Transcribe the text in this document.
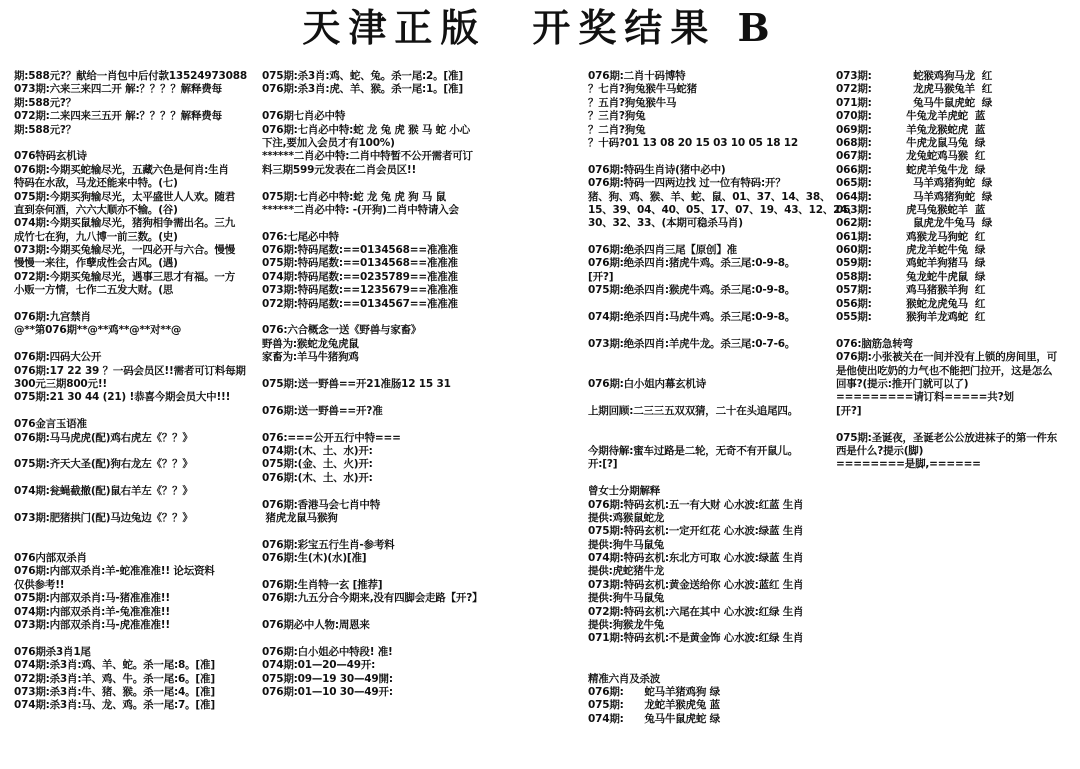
天津正版　开奖结果 B
期:588元?？献给一肖包中后付款13524973088
073期:六来三来四二开 解:？？？？解释费每
期:588元?？
072期:二来四来三五开 解:？？？？解释费每
期:588元?？
076特码玄机诗
076期:今期买蛇输尽光，五藏六色是何肖:生肖
特码在水敌，马龙还能来中特。(七)
075期:今期买狗输尽光，太平盛世人人欢。随君
直到奈何酒，六六大顺亦不输。(谷)
074期:今期买鼠输尽光，猪狗相争需出名。三九
成竹七在狗，九八博一前三数。(史)
073期:今期买兔输尽光，一四必开与六合。慢慢
慢慢一来往，作孽成性会古风。(遇)
072期:今期买兔输尽光，遇事三思才有福。一方
小贩一方情，七作二五发大财。(思
076期:九宫禁肖
@**第076期**@**鸡**@**对**@
076期:四码大公开
076期:17 22 39 ？一码会员区!!需者可订料每期
300元三期800元!!
075期:21 30 44 (21) !恭喜今期会员大中!!!
076金言玉语准
076期:马马虎虎(配)鸡右虎左《？？》
075期:齐天大圣(配)狗右龙左《？？》
074期:瓮蝇截撤(配)鼠右羊左《？？》
073期:肥猪拱门(配)马边兔边《？？》
076内部双杀肖
076期:内部双杀肖:羊-蛇准准准!! 论坛资料
仅供参考!!
075期:内部双杀肖:马-猪准准准!!
074期:内部双杀肖:羊-兔准准准!!
073期:内部双杀肖:马-虎准准准!!
076期杀3肖1尾
074期:杀3肖:鸡、羊、蛇。杀一尾:8。[准]
072期:杀3肖:羊、鸡、牛。杀一尾:6。[准]
073期:杀3肖:牛、猪、猴。杀一尾:4。[准]
074期:杀3肖:马、龙、鸡。杀一尾:7。[准]
075期:杀3肖:鸡、蛇、兔。杀一尾:2。[准]
076期:杀3肖:虎、羊、猴。杀一尾:1。[准]
076期七肖必中特
076期:七肖必中特:蛇 龙 兔 虎 猴 马 蛇 小心
下注,要加入会员才有100%)
******二肖必中特:二肖中特暂不公开需者可订
料三期599元发表在二肖会员区!!
075期:七肖必中特:蛇 龙 兔 虎 狗 马 鼠
******二肖必中特: -(开狗)二肖中特请入会
076:七尾必中特
076期:特码尾数:==0134568==准准准
075期:特码尾数:==0134568==准准准
074期:特码尾数:==0235789==准准准
073期:特码尾数:==1235679==准准准
072期:特码尾数:==0134567==准准准
076:六合概念一送《野兽与家畜》
野兽为:猴蛇龙兔虎鼠
家畜为:羊马牛猪狗鸡
075期:送一野兽==开21准肠12 15 31
076期:送一野兽==开?准
076:===公开五行中特===
074期:(木、土、水)开:
075期:(金、土、火)开:
076期:(木、土、水)开:
076期:香港马会七肖中特
猪虎龙鼠马猴狗
076期:彩宝五行生肖-参考料
076期:生(木)(水)[准]
076期:生肖特一玄 [推荐]
076期:九五分合今期来,没有四脚会走路【开?】
076期必中人物:周恩来
076期:白小姐必中特段! 准!
074期:01—20—49开:
075期:09—19 30—49開:
076期:01—10 30—49开:
076期:二肖十码博特
？七肖?狗兔猴牛马蛇猪
？五肖?狗兔猴牛马
？三肖?狗兔
？二肖?狗兔
？十码?01 13 08 20 15 03 10 05 18 12
076期:特码生肖诗(猪中必中)
076期:特码一四两边找 过一位有特码:开？
猪、狗、鸡、猴、羊、蛇、鼠、01、37、14、38、
15、39、04、40、05、17、07、19、43、12、24、
30、32、33、(本期可稳杀马肖)
076期:绝杀四肖三尾【原创】准
076期:绝杀四肖:猪虎牛鸡。杀三尾:0-9-8。
[开?]
075期:绝杀四肖:猴虎牛鸡。杀三尾:0-9-8。
074期:绝杀四肖:马虎牛鸡。杀三尾:0-9-8。
073期:绝杀四肖:羊虎牛龙。杀三尾:0-7-6。
076期:白小姐内幕玄机诗
上期回顾:二三三五双双猜，二十在头追尾四。
今期待解:蜜车过路是二轮，无奇不有开鼠儿。
开:[?]
曾女士分期解释
076期:特码玄机:五一有大财 心水波:红蓝 生肖
提供:鸡猴鼠蛇龙
075期:特码玄机:一定开红花 心水波:绿蓝 生肖
提供:狗牛马鼠兔
074期:特码玄机:东北方可取 心水波:绿蓝 生肖
提供:虎蛇猪牛龙
073期:特码玄机:黄金送给你 心水波:蓝红 生肖
提供:狗牛马鼠兔
072期:特码玄机:六尾在其中 心水波:红绿 生肖
提供:狗猴龙牛兔
071期:特码玄机:不是黄金饰 心水波:红绿 生肖
精准六肖及杀波
076期:      蛇马羊猪鸡狗 绿
075期:      龙蛇羊猴虎兔 蓝
074期:      兔马牛鼠虎蛇 绿
073期:            蛇猴鸡狗马龙  红
072期:            龙虎马猴兔羊  红
071期:            兔马牛鼠虎蛇  绿
070期:          牛兔龙羊虎蛇  蓝
069期:          羊兔龙猴蛇虎  蓝
068期:          牛虎龙鼠马兔  绿
067期:          龙兔蛇鸡马猴  红
066期:          蛇虎羊兔牛龙  绿
065期:            马羊鸡猪狗蛇  绿
064期:            马羊鸡猪狗蛇  绿
063期:          虎马兔猴蛇羊  蓝
062期:            鼠虎龙牛兔马  绿
061期:          鸡猴龙马狗蛇  红
060期:          虎龙羊蛇牛兔  绿
059期:          鸡蛇羊狗猪马  绿
058期:          兔龙蛇牛虎鼠  绿
057期:          鸡马猪猴羊狗  红
056期:          猴蛇龙虎兔马  红
055期:          猴狗羊龙鸡蛇  红
076:脑筋急转弯
076期:小张被关在一间并没有上锁的房间里，可
是他使出吃奶的力气也不能把门拉开，这是怎么
回事?(提示:推开门就可以了)
=========请订料=====共?划
[开?]
075期:圣诞夜，圣诞老公公放进袜子的第一件东
西是什么?提示(脚)
========是脚,======
